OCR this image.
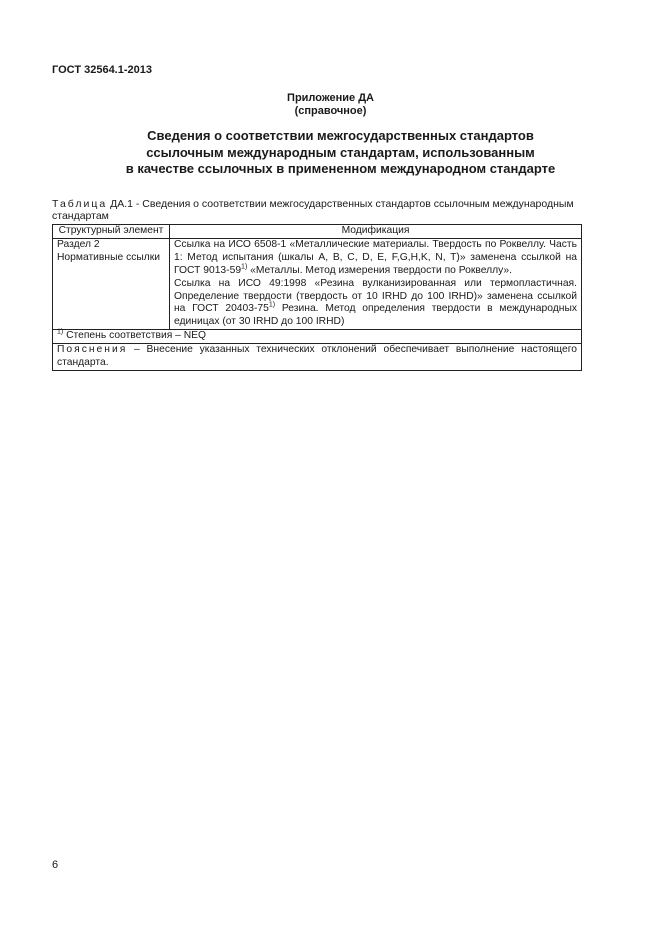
ГОСТ 32564.1-2013
Приложение ДА
(справочное)
Сведения о соответствии межгосударственных стандартов
ссылочным международным стандартам, использованным
в качестве ссылочных в примененном международном стандарте
Таблица ДА.1 - Сведения о соответствии межгосударственных стандартов ссылочным международным стандартам
Структурный элемент	Модификация
Раздел 2 Нормативные ссылки	Ссылка на ИСО 6508-1 «Металлические материалы. Твердость по Роквеллу. Часть 1: Метод испытания (шкалы A, B, C, D, E, F,G,H,K, N, T)» заменена ссылкой на ГОСТ 9013-59$^{1)}$ «Металлы. Метод измерения твердости по Роквеллу».
Ссылка на ИСО 49:1998 «Резина вулканизированная или термопластичная. Определение твердости (твердость от 10 IRHD до 100 IRHD)» заменена ссылкой на ГОСТ 20403-75$^{1)}$ Резина. Метод определения твердости в международных единицах (от 30 IRHD до 100 IRHD)

$^{1)}$ Степень соответствия – NEQ	
Пояснения – Внесение указанных технических отклонений обеспечивает выполнение настоящего стандарта.	
6
